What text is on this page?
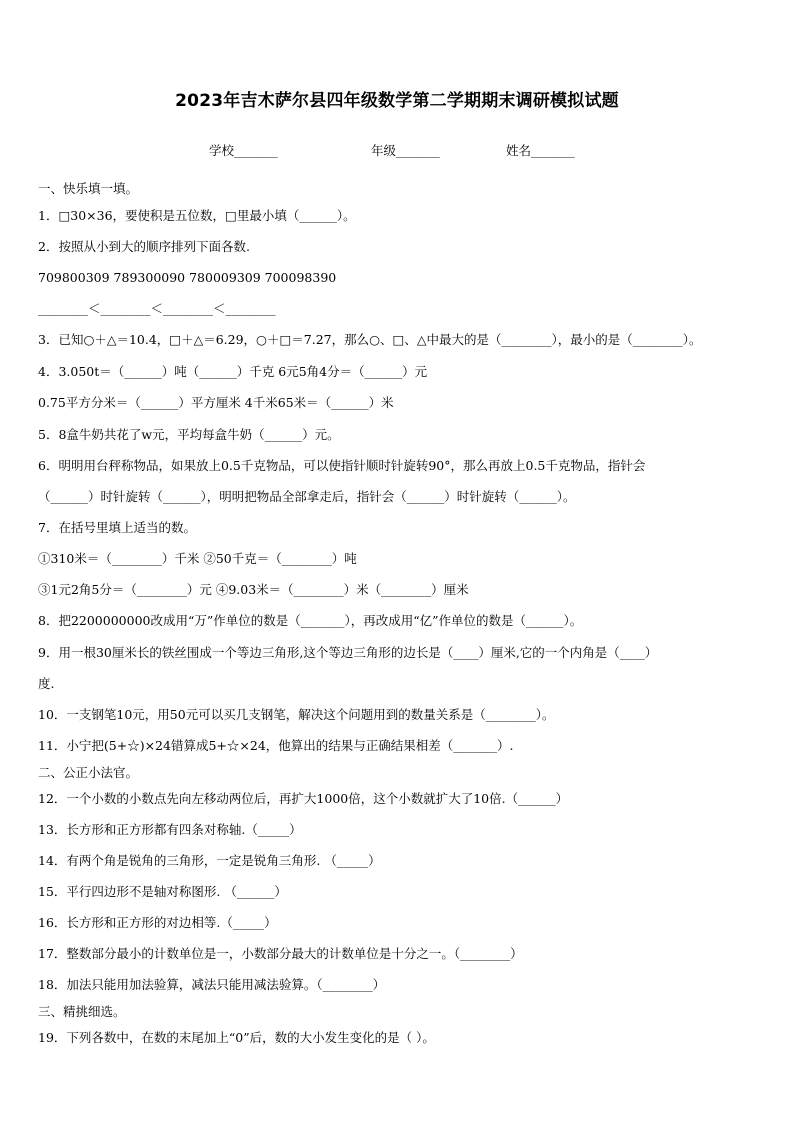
2023年吉木萨尔县四年级数学第二学期期末调研模拟试题
学校_______	年级_______	姓名_______
一、快乐填一填。
1．□30×36，要使积是五位数，□里最小填（______）。
2．按照从小到大的顺序排列下面各数.
709800309 789300090 780009309 700098390
________＜________＜________＜________
3．已知○＋△＝10.4，□＋△＝6.29，○＋□＝7.27，那么○、□、△中最大的是（________），最小的是（________）。
4．3.050t＝（______）吨（______）千克 6元5角4分＝（______）元
0.75平方分米＝（______）平方厘米 4千米65米＝（______）米
5．8盒牛奶共花了w元，平均每盒牛奶（______）元。
6．明明用台秤称物品，如果放上0.5千克物品，可以使指针顺时针旋转90°，那么再放上0.5千克物品，指针会
（______）时针旋转（______），明明把物品全部拿走后，指针会（______）时针旋转（______）。
7．在括号里填上适当的数。
①310米＝（________）千米 ②50千克＝（________）吨
③1元2角5分＝（________）元 ④9.03米＝（________）米（________）厘米
8．把2200000000改成用“万”作单位的数是（_______），再改成用“亿”作单位的数是（______）。
9．用一根30厘米长的铁丝围成一个等边三角形,这个等边三角形的边长是（____）厘米,它的一个内角是（____）
度.
10．一支钢笔10元，用50元可以买几支钢笔，解决这个问题用到的数量关系是（________）。
11．小宁把(5+☆)×24错算成5+☆×24，他算出的结果与正确结果相差（_______）.
二、公正小法官。
12．一个小数的小数点先向左移动两位后，再扩大1000倍，这个小数就扩大了10倍.（______）
13．长方形和正方形都有四条对称轴.（_____）
14．有两个角是锐角的三角形，一定是锐角三角形. （_____）
15．平行四边形不是轴对称图形. （______）
16．长方形和正方形的对边相等.（_____）
17．整数部分最小的计数单位是一，小数部分最大的计数单位是十分之一。（________）
18．加法只能用加法验算，减法只能用减法验算。（________）
三、精挑细选。
19．下列各数中，在数的末尾加上“0”后，数的大小发生变化的是（ ）。
